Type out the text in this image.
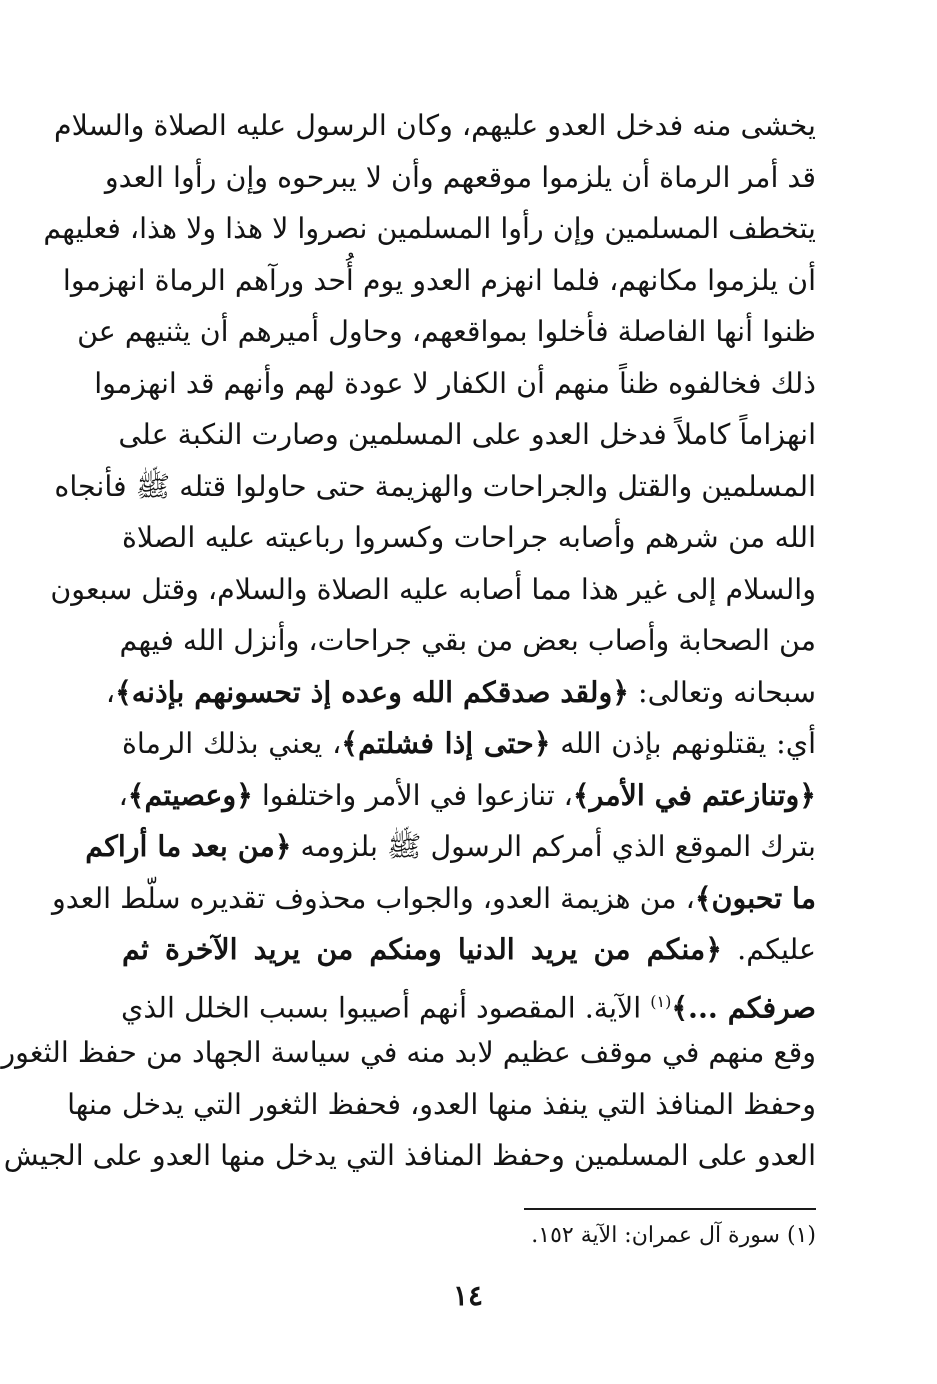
يخشى منه فدخل العدو عليهم، وكان الرسول عليه الصلاة والسلام
قد أمر الرماة أن يلزموا موقعهم وأن لا يبرحوه وإن رأوا العدو
يتخطف المسلمين وإن رأوا المسلمين نصروا لا هذا ولا هذا، فعليهم
أن يلزموا مكانهم، فلما انهزم العدو يوم أُحد ورآهم الرماة انهزموا
ظنوا أنها الفاصلة فأخلوا بمواقعهم، وحاول أميرهم أن يثنيهم عن
ذلك فخالفوه ظناً منهم أن الكفار لا عودة لهم وأنهم قد انهزموا
انهزاماً كاملاً فدخل العدو على المسلمين وصارت النكبة على
المسلمين والقتل والجراحات والهزيمة حتى حاولوا قتله ﷺ فأنجاه
الله من شرهم وأصابه جراحات وكسروا رباعيته عليه الصلاة
والسلام إلى غير هذا مما أصابه عليه الصلاة والسلام، وقتل سبعون
من الصحابة وأصاب بعض من بقي جراحات، وأنزل الله فيهم
سبحانه وتعالى: ﴿ولقد صدقكم الله وعده إذ تحسونهم بإذنه﴾،
أي: يقتلونهم بإذن الله ﴿حتى إذا فشلتم﴾، يعني بذلك الرماة
﴿وتنازعتم في الأمر﴾، تنازعوا في الأمر واختلفوا ﴿وعصيتم﴾،
بترك الموقع الذي أمركم الرسول ﷺ بلزومه ﴿من بعد ما أراكم
ما تحبون﴾، من هزيمة العدو، والجواب محذوف تقديره سلّط العدو
عليكم. ﴿منكم من يريد الدنيا ومنكم من يريد الآخرة ثم
صرفكم ...﴾$^{(١)}$ الآية. المقصود أنهم أصيبوا بسبب الخلل الذي
وقع منهم في موقف عظيم لابد منه في سياسة الجهاد من حفظ الثغور
وحفظ المنافذ التي ينفذ منها العدو، فحفظ الثغور التي يدخل منها
العدو على المسلمين وحفظ المنافذ التي يدخل منها العدو على الجيش
(١) سورة آل عمران: الآية ١٥٢.
١٤
